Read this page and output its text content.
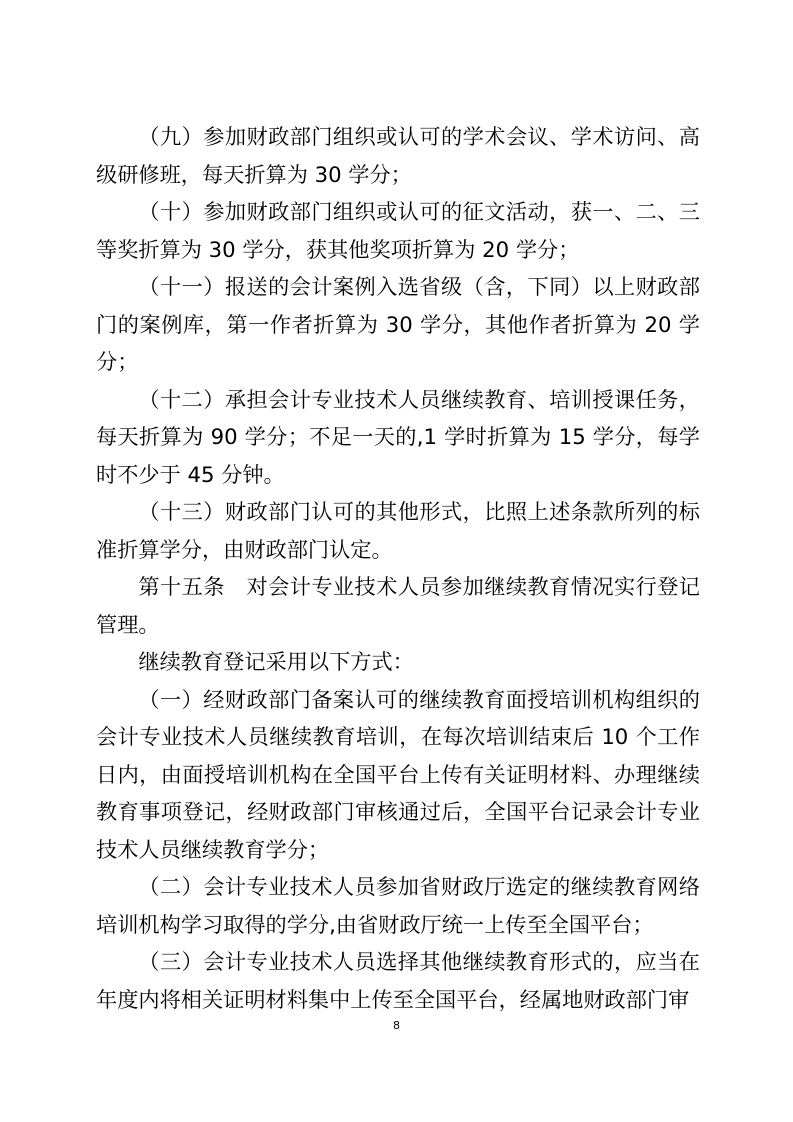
（九）参加财政部门组织或认可的学术会议、学术访问、高级研修班，每天折算为 30 学分；

（十）参加财政部门组织或认可的征文活动，获一、二、三等奖折算为 30 学分，获其他奖项折算为 20 学分；

（十一）报送的会计案例入选省级（含，下同）以上财政部门的案例库，第一作者折算为 30 学分，其他作者折算为 20 学分；

（十二）承担会计专业技术人员继续教育、培训授课任务，每天折算为 90 学分；不足一天的,1 学时折算为 15 学分，每学时不少于 45 分钟。

（十三）财政部门认可的其他形式，比照上述条款所列的标准折算学分，由财政部门认定。

第十五条　对会计专业技术人员参加继续教育情况实行登记管理。

继续教育登记采用以下方式：

（一）经财政部门备案认可的继续教育面授培训机构组织的会计专业技术人员继续教育培训，在每次培训结束后 10 个工作日内，由面授培训机构在全国平台上传有关证明材料、办理继续教育事项登记，经财政部门审核通过后，全国平台记录会计专业技术人员继续教育学分；

（二）会计专业技术人员参加省财政厅选定的继续教育网络培训机构学习取得的学分,由省财政厅统一上传至全国平台；

（三）会计专业技术人员选择其他继续教育形式的，应当在年度内将相关证明材料集中上传至全国平台，经属地财政部门审

8
